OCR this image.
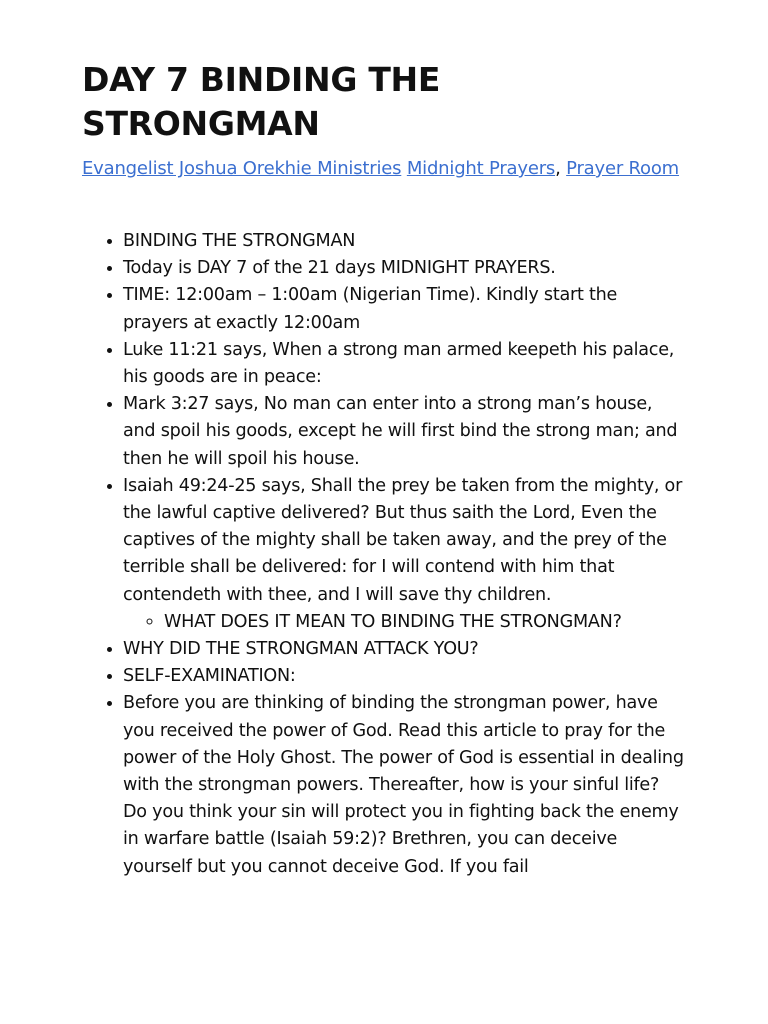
DAY 7 BINDING THE STRONGMAN
Evangelist Joshua Orekhie Ministries Midnight Prayers, Prayer Room
• BINDING THE STRONGMAN
• Today is DAY 7 of the 21 days MIDNIGHT PRAYERS.
• TIME: 12:00am – 1:00am (Nigerian Time). Kindly start the prayers at exactly 12:00am
• Luke 11:21 says, When a strong man armed keepeth his palace, his goods are in peace:
• Mark 3:27 says, No man can enter into a strong man’s house, and spoil his goods, except he will first bind the strong man; and then he will spoil his house.
• Isaiah 49:24-25 says, Shall the prey be taken from the mighty, or the lawful captive delivered? But thus saith the Lord, Even the captives of the mighty shall be taken away, and the prey of the terrible shall be delivered: for I will contend with him that contendeth with thee, and I will save thy children.
◦ WHAT DOES IT MEAN TO BINDING THE STRONGMAN?
• WHY DID THE STRONGMAN ATTACK YOU?
• SELF-EXAMINATION:
• Before you are thinking of binding the strongman power, have you received the power of God. Read this article to pray for the power of the Holy Ghost. The power of God is essential in dealing with the strongman powers. Thereafter, how is your sinful life? Do you think your sin will protect you in fighting back the enemy in warfare battle (Isaiah 59:2)? Brethren, you can deceive yourself but you cannot deceive God. If you fail
